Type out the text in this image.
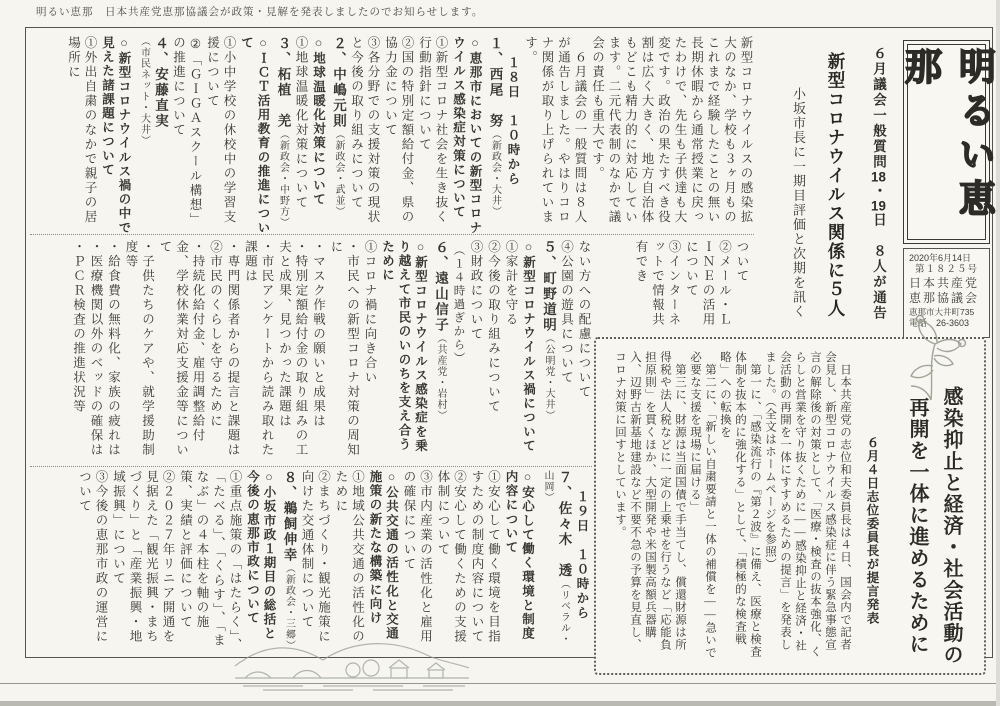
明るい恵那　日本共産党恵那協議会が政策・見解を発表しましたのでお知らせします。
明るい恵那
2020年6月14日
第１８２５号
日本共産党
恵那協議会
恵那市大井町735
電話　26-3603
６月議会一般質問18・19日　８人が通告
新型コロナウイルス関係に５人
小坂市長に一期目評価と次期を訊く
新型コロナウイルスの感染拡大のなか、学校も３ヶ月ものこれまで経験したことの無い長期休暇から通常授業に戻ったわけで、先生も子供達も大変です。政治の果たすべき役割は広く大きく、地方自治体もどこも精力的に対応しています。二元代表制のなかで議会の責任も重大です。
　６月議会の一般質問は８人が通告しました。やはりコロナ関係が取り上げられています。
１８日　１０時から
１、西尾　努（新政会・大井）
○恵那市においての新型コロナウイルス感染症対策について
①新型コロナ社会を生き抜く行動指針について
②国の特別定額給付金、県の協力金について
③各分野での支援対策の現状と今後の取り組みについて
２、中嶋元則（新政会・武並）
○地球温暖化対策について
①地球温暖化対策について
３、柘植　羌（新政会・中野方）
○ＩＣＴ活用教育の推進について
①小中学校の休校中の学習支援について
②「ＧＩＧＡスクール構想」の推進について
４、安藤直実（市民ネット・大井）
○新型コロナウイルス禍の中で見えた諸課題について
①外出自粛のなかで親子の居場所に
ついて
②メール・ＬＩＮＥの活用について
③インターネットで情報共有でき
ない方への配慮について
④公園の遊具について
５、町野道明（公明党・大井）
○新型コロナウイルス禍について
①家計を守る
②今後の取り組みについて
③財政について
（１４時過ぎから）
６、遠山信子（共産党・岩村）
○新型コロナウイルス感染症を乗り越えて市民のいのちを支え合うために
①コロナ禍に向き合い
・市民への新型コロナ対策の周知に
・マスク作戦の願いと成果は
・特別定額給付金の取り組みの工夫と成果、見つかった課題は
・市民アンケートから読み取れた課題は
・専門関係者からの提言と課題は
②市民のくらしを守るために
・持続化給付金、雇用調整給付金、学校休業対応支援金等について
・子供たちのケアや、就学援助制度等
・給食費の無料化、家族の疲れは
・医療機関以外のベッドの確保は
・ＰＣＲ検査の推進状況等
１９日　１０時から
７、佐々木　透（リベラル・山岡）
○安心して働く環境と制度内容について
①安心して働く環境を目指すための制度内容について
②安心して働くための支援体制について
③市内産業の活性化と雇用の確保について
○公共交通の活性化と交通施策の新たな構築に向け
①地域公共交通の活性化のために
②まちづくり・観光施策に向けた交通体制について
８、鵜飼伸幸（新政会・三郷）
○小坂市政１期目の総括と今後の恵那市政について
①重点施策の「はたらく」、「たべる」、「くらす」、「まなぶ」の４本柱を軸の施策、実績と評価について
②２０２７年リニア開通を見据えた「観光振興・まちづくり」と「産業振興・地域振興」について
③今後の恵那市政の運営について	感染抑止と経済・社会活動の
再開を一体に進めるために
６月４日志位委員長が提言発表
　日本共産党の志位和夫委員長は４日、国会内で記者会見し、新型コロナウイルス感染症に伴う緊急事態宣言の解除後の対策として、「医療・検査の抜本強化、くらしと営業を守り抜くために――感染抑止と経済・社会活動の再開を一体にすすめるための提言」を発表しました。（全文はホームページを参照）
　第一に、「感染流行の『第２波』に備え、医療と検査体制を抜本的に強化する」として、「積極的な検査戦略」への転換を
　第二に、「新しい自粛要請と一体の補償を――急いで必要な支援を現場に届ける」
　第三に、財源は当面国債で手当てし、償還財源は所得税や法人税などに一定の上乗せを行うなど「応能負担原則」を貫くほか、大型開発や米国製高額兵器購入、辺野古新基地建設など不要不急の予算を見直し、コロナ対策に回すとしています。
